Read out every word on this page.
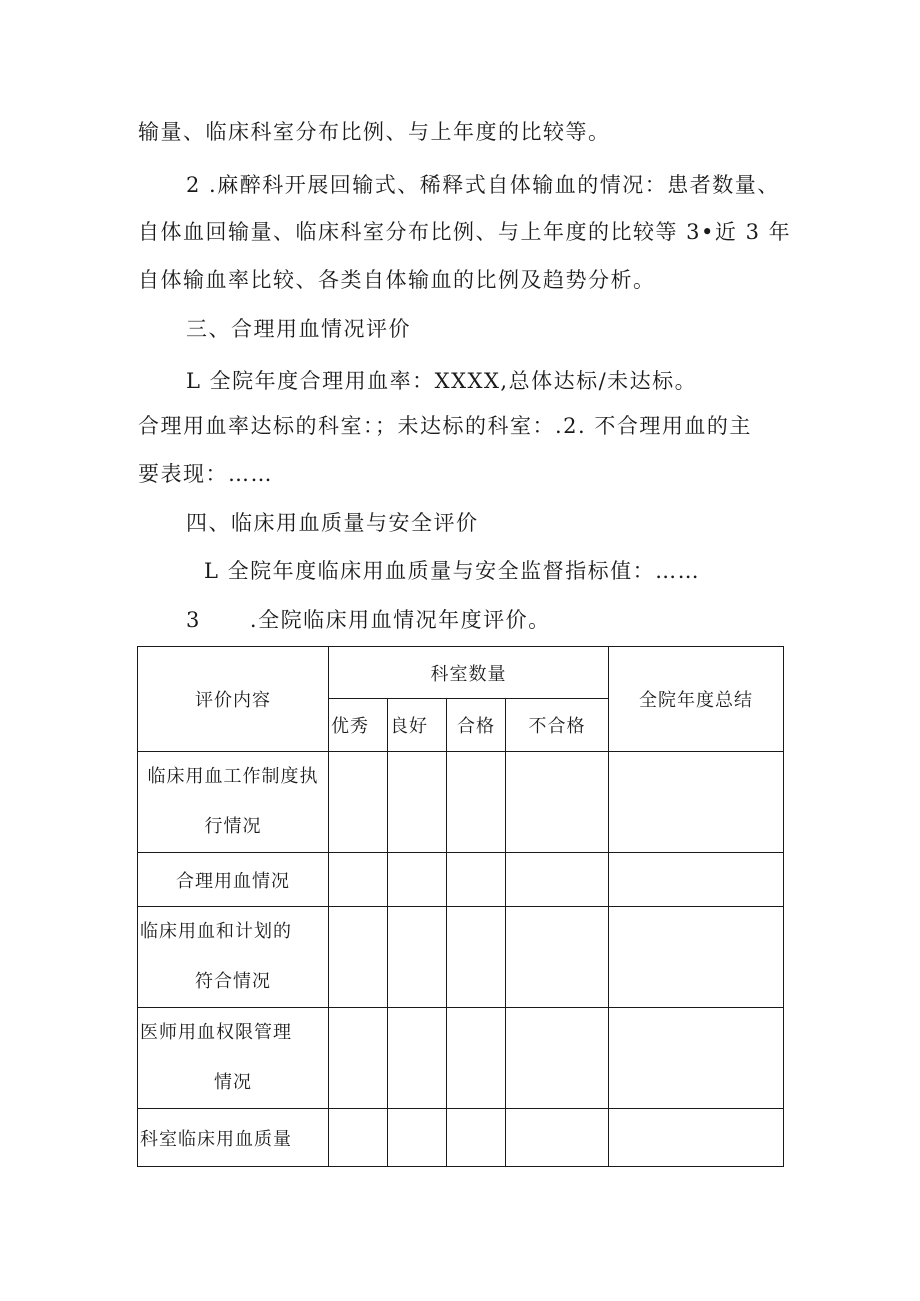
输量、临床科室分布比例、与上年度的比较等。
2 .麻醉科开展回输式、稀释式自体输血的情况：患者数量、
自体血回输量、临床科室分布比例、与上年度的比较等 3•近 3 年
自体输血率比较、各类自体输血的比例及趋势分析。
三、合理用血情况评价
L 全院年度合理用血率：XXXX,总体达标/未达标。
合理用血率达标的科室：；未达标的科室：.2. 不合理用血的主
要表现：……
四、临床用血质量与安全评价
L 全院年度临床用血质量与安全监督指标值：……
3      .全院临床用血情况年度评价。
评价内容	科室数量				全院年度总结
	优秀	良好	合格	不合格	

临床用血工作制度执
行情况					

合理用血情况					

临床用血和计划的
符合情况					

医师用血权限管理
情况					

科室临床用血质量					
